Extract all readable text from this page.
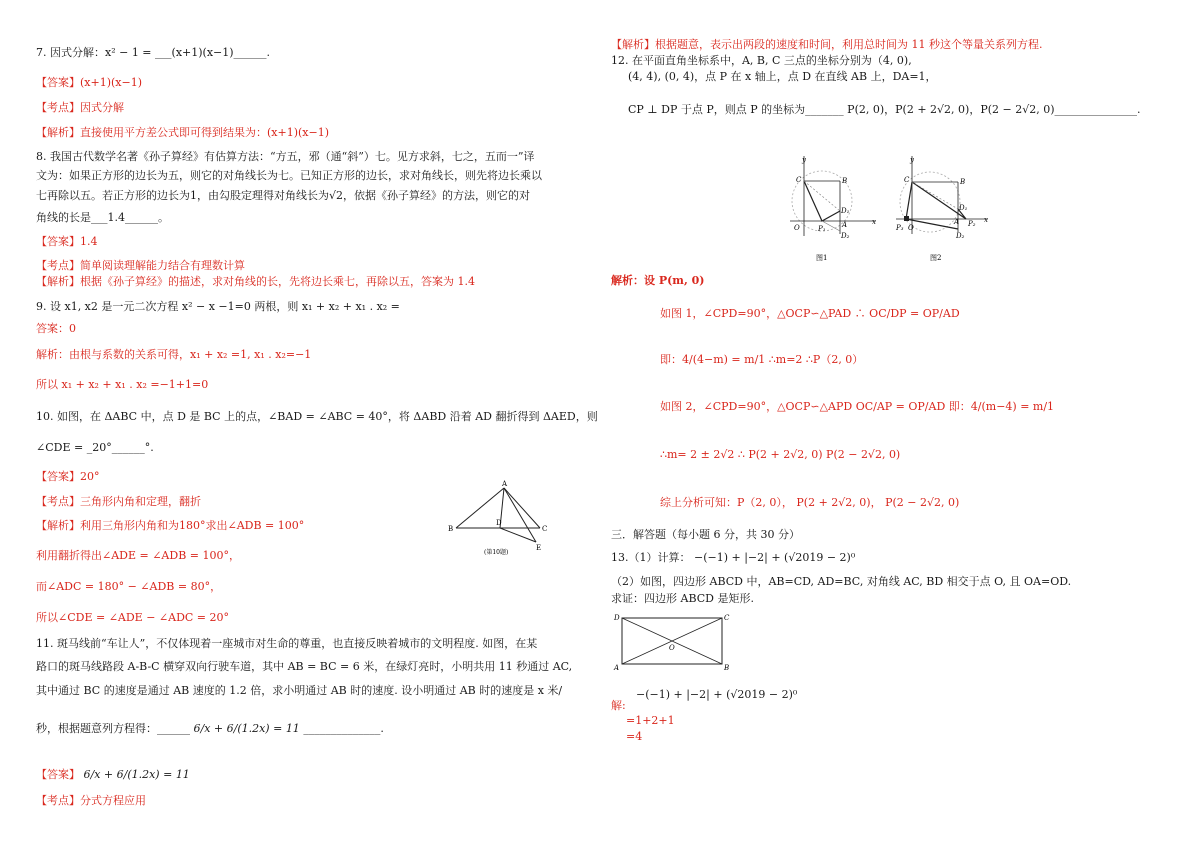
7. 因式分解：x² − 1 = ___(x+1)(x−1)______.
【答案】(x+1)(x−1)
【考点】因式分解
【解析】直接使用平方差公式即可得到结果为：(x+1)(x−1)
8. 我国古代数学名著《孙子算经》有估算方法：“方五，邪（通“斜”）七。见方求斜，七之，五而一”译
文为：如果正方形的边长为五，则它的对角线长为七。已知正方形的边长，求对角线长，则先将边长乘以
七再除以五。若正方形的边长为1，由勾股定理得对角线长为√2，依据《孙子算经》的方法，则它的对
角线的长是___1.4______。
【答案】1.4
【考点】简单阅读理解能力结合有理数计算
【解析】根据《孙子算经》的描述，求对角线的长，先将边长乘七，再除以五，答案为 1.4
9. 设 x1, x2 是一元二次方程 x² − x −1=0 两根，则 x₁ + x₂ + x₁ . x₂ =
答案：0
解析：由根与系数的关系可得，x₁ + x₂ =1, x₁ . x₂=−1
所以 x₁ + x₂ + x₁ . x₂ =−1+1=0
10. 如图，在 ΔABC 中，点 D 是 BC 上的点，∠BAD = ∠ABC = 40°，将 ΔABD 沿着 AD 翻折得到 ΔAED，则
∠CDE = _20°______°.
【答案】20°
【考点】三角形内角和定理，翻折
【解析】利用三角形内角和为180°求出∠ADB = 100°
利用翻折得出∠ADE = ∠ADB = 100°，
而∠ADC = 180° − ∠ADB = 80°，
所以∠CDE = ∠ADE − ∠ADC = 20°
A
B
D
C
E
(第10题)
11. 斑马线前“车让人”，不仅体现着一座城市对生命的尊重，也直接反映着城市的文明程度. 如图，在某
路口的斑马线路段 A-B-C 横穿双向行驶车道，其中 AB = BC = 6 米，在绿灯亮时，小明共用 11 秒通过 AC,
其中通过 BC 的速度是通过 AB 速度的 1.2 倍，求小明通过 AB 时的速度. 设小明通过 AB 时的速度是 x 米/
秒，根据题意列方程得：______ 6/x + 6/(1.2x) = 11 ______________.
【答案】 6/x + 6/(1.2x) = 11
【考点】分式方程应用
【解析】根据题意，表示出两段的速度和时间，利用总时间为 11 秒这个等量关系列方程.
12. 在平面直角坐标系中，A, B, C 三点的坐标分别为（4, 0),
(4, 4), (0, 4)，点 P 在 x 轴上，点 D 在直线 AB 上，DA=1，
CP ⊥ DP 于点 P，则点 P 的坐标为_______ P(2, 0)，P(2 + 2√2, 0)，P(2 − 2√2, 0)_______________.
y
C	B
D₁
x
O	P₁ A
D₂
图1
y
C	B
D₁
x
P₃ O
A P₂
D₂
图2
解析：设 P(m, 0)
如图 1，∠CPD=90°，△OCP∽△PAD ∴ OC/DP = OP/AD
即：4/(4−m) = m/1 ∴m=2 ∴P（2, 0）
如图 2，∠CPD=90°，△OCP∽△APD OC/AP = OP/AD 即：4/(m−4) = m/1
∴m= 2 ± 2√2 ∴ P(2 + 2√2, 0) P(2 − 2√2, 0)
综上分析可知：P（2, 0）， P(2 + 2√2, 0)， P(2 − 2√2, 0)
三．解答题（每小题 6 分，共 30 分）
13.（1）计算： −(−1) + |−2| + (√2019 − 2)⁰
（2）如图，四边形 ABCD 中，AB=CD, AD=BC, 对角线 AC, BD 相交于点 O, 且 OA=OD.
求证：四边形 ABCD 是矩形.
D	C
O
A	B
解:
−(−1) + |−2| + (√2019 − 2)⁰
=1+2+1
=4
